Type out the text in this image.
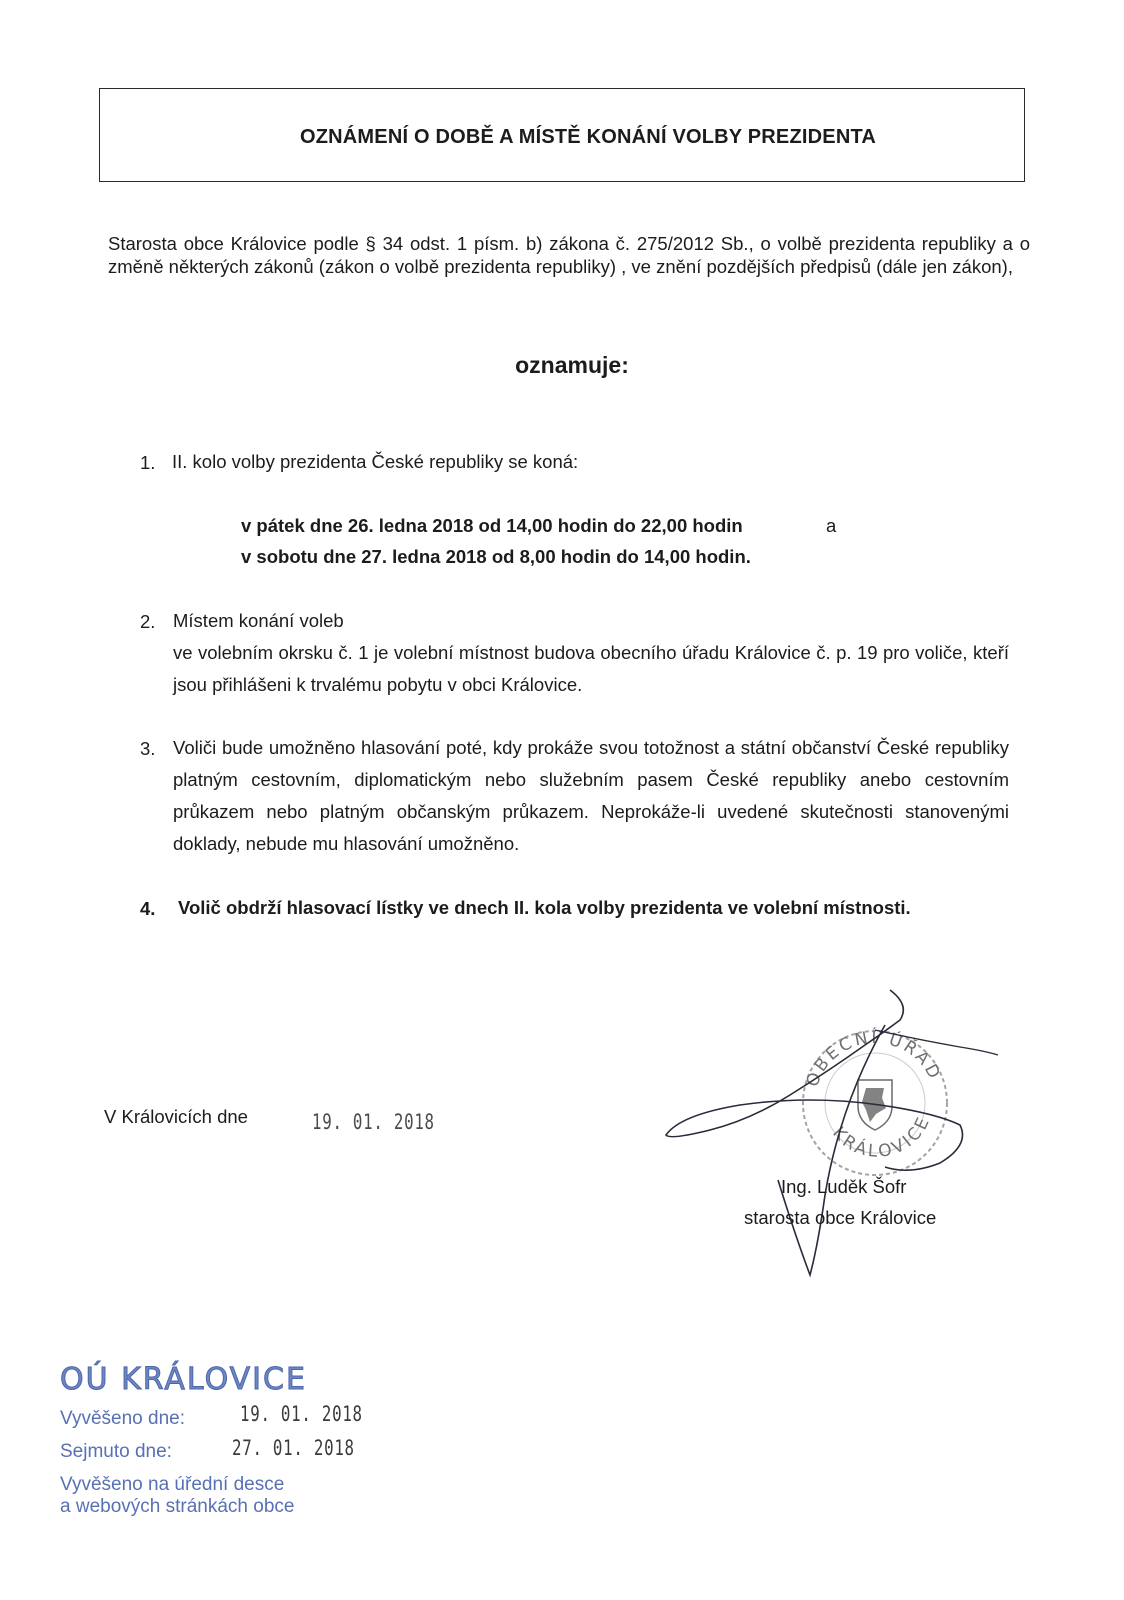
OZNÁMENÍ O DOBĚ A MÍSTĚ KONÁNÍ VOLBY PREZIDENTA
Starosta obce Královice podle § 34 odst. 1 písm. b) zákona č. 275/2012 Sb., o volbě prezidenta republiky a o změně některých zákonů (zákon o volbě prezidenta republiky) , ve znění pozdějších předpisů (dále jen zákon),
oznamuje:
1. II. kolo volby prezidenta České republiky se koná:
v pátek dne 26. ledna 2018 od 14,00 hodin do 22,00 hodin	a
v sobotu dne 27. ledna 2018 od 8,00 hodin do 14,00 hodin.
2. Místem konání voleb
ve volebním okrsku č. 1 je volební místnost budova obecního úřadu Královice č. p. 19 pro voliče, kteří jsou přihlášeni k trvalému pobytu v obci Královice.
3. Voliči bude umožněno hlasování poté, kdy prokáže svou totožnost a státní občanství České republiky platným cestovním, diplomatickým nebo služebním pasem České republiky anebo cestovním průkazem nebo platným občanským průkazem. Neprokáže-li uvedené skutečnosti stanovenými doklady, nebude mu hlasování umožněno.
4. Volič obdrží hlasovací lístky ve dnech II. kola volby prezidenta ve volební místnosti.
V Královicích dne	19. 01. 2018
OBECNÍ ÚŘAD
KRÁLOVICE
Ing. Luděk Šofr
starosta obce Královice
OÚ KRÁLOVICE
Vyvěšeno dne:	19. 01. 2018
Sejmuto dne:	27. 01. 2018
Vyvěšeno na úřední desce
a webových stránkách obce
